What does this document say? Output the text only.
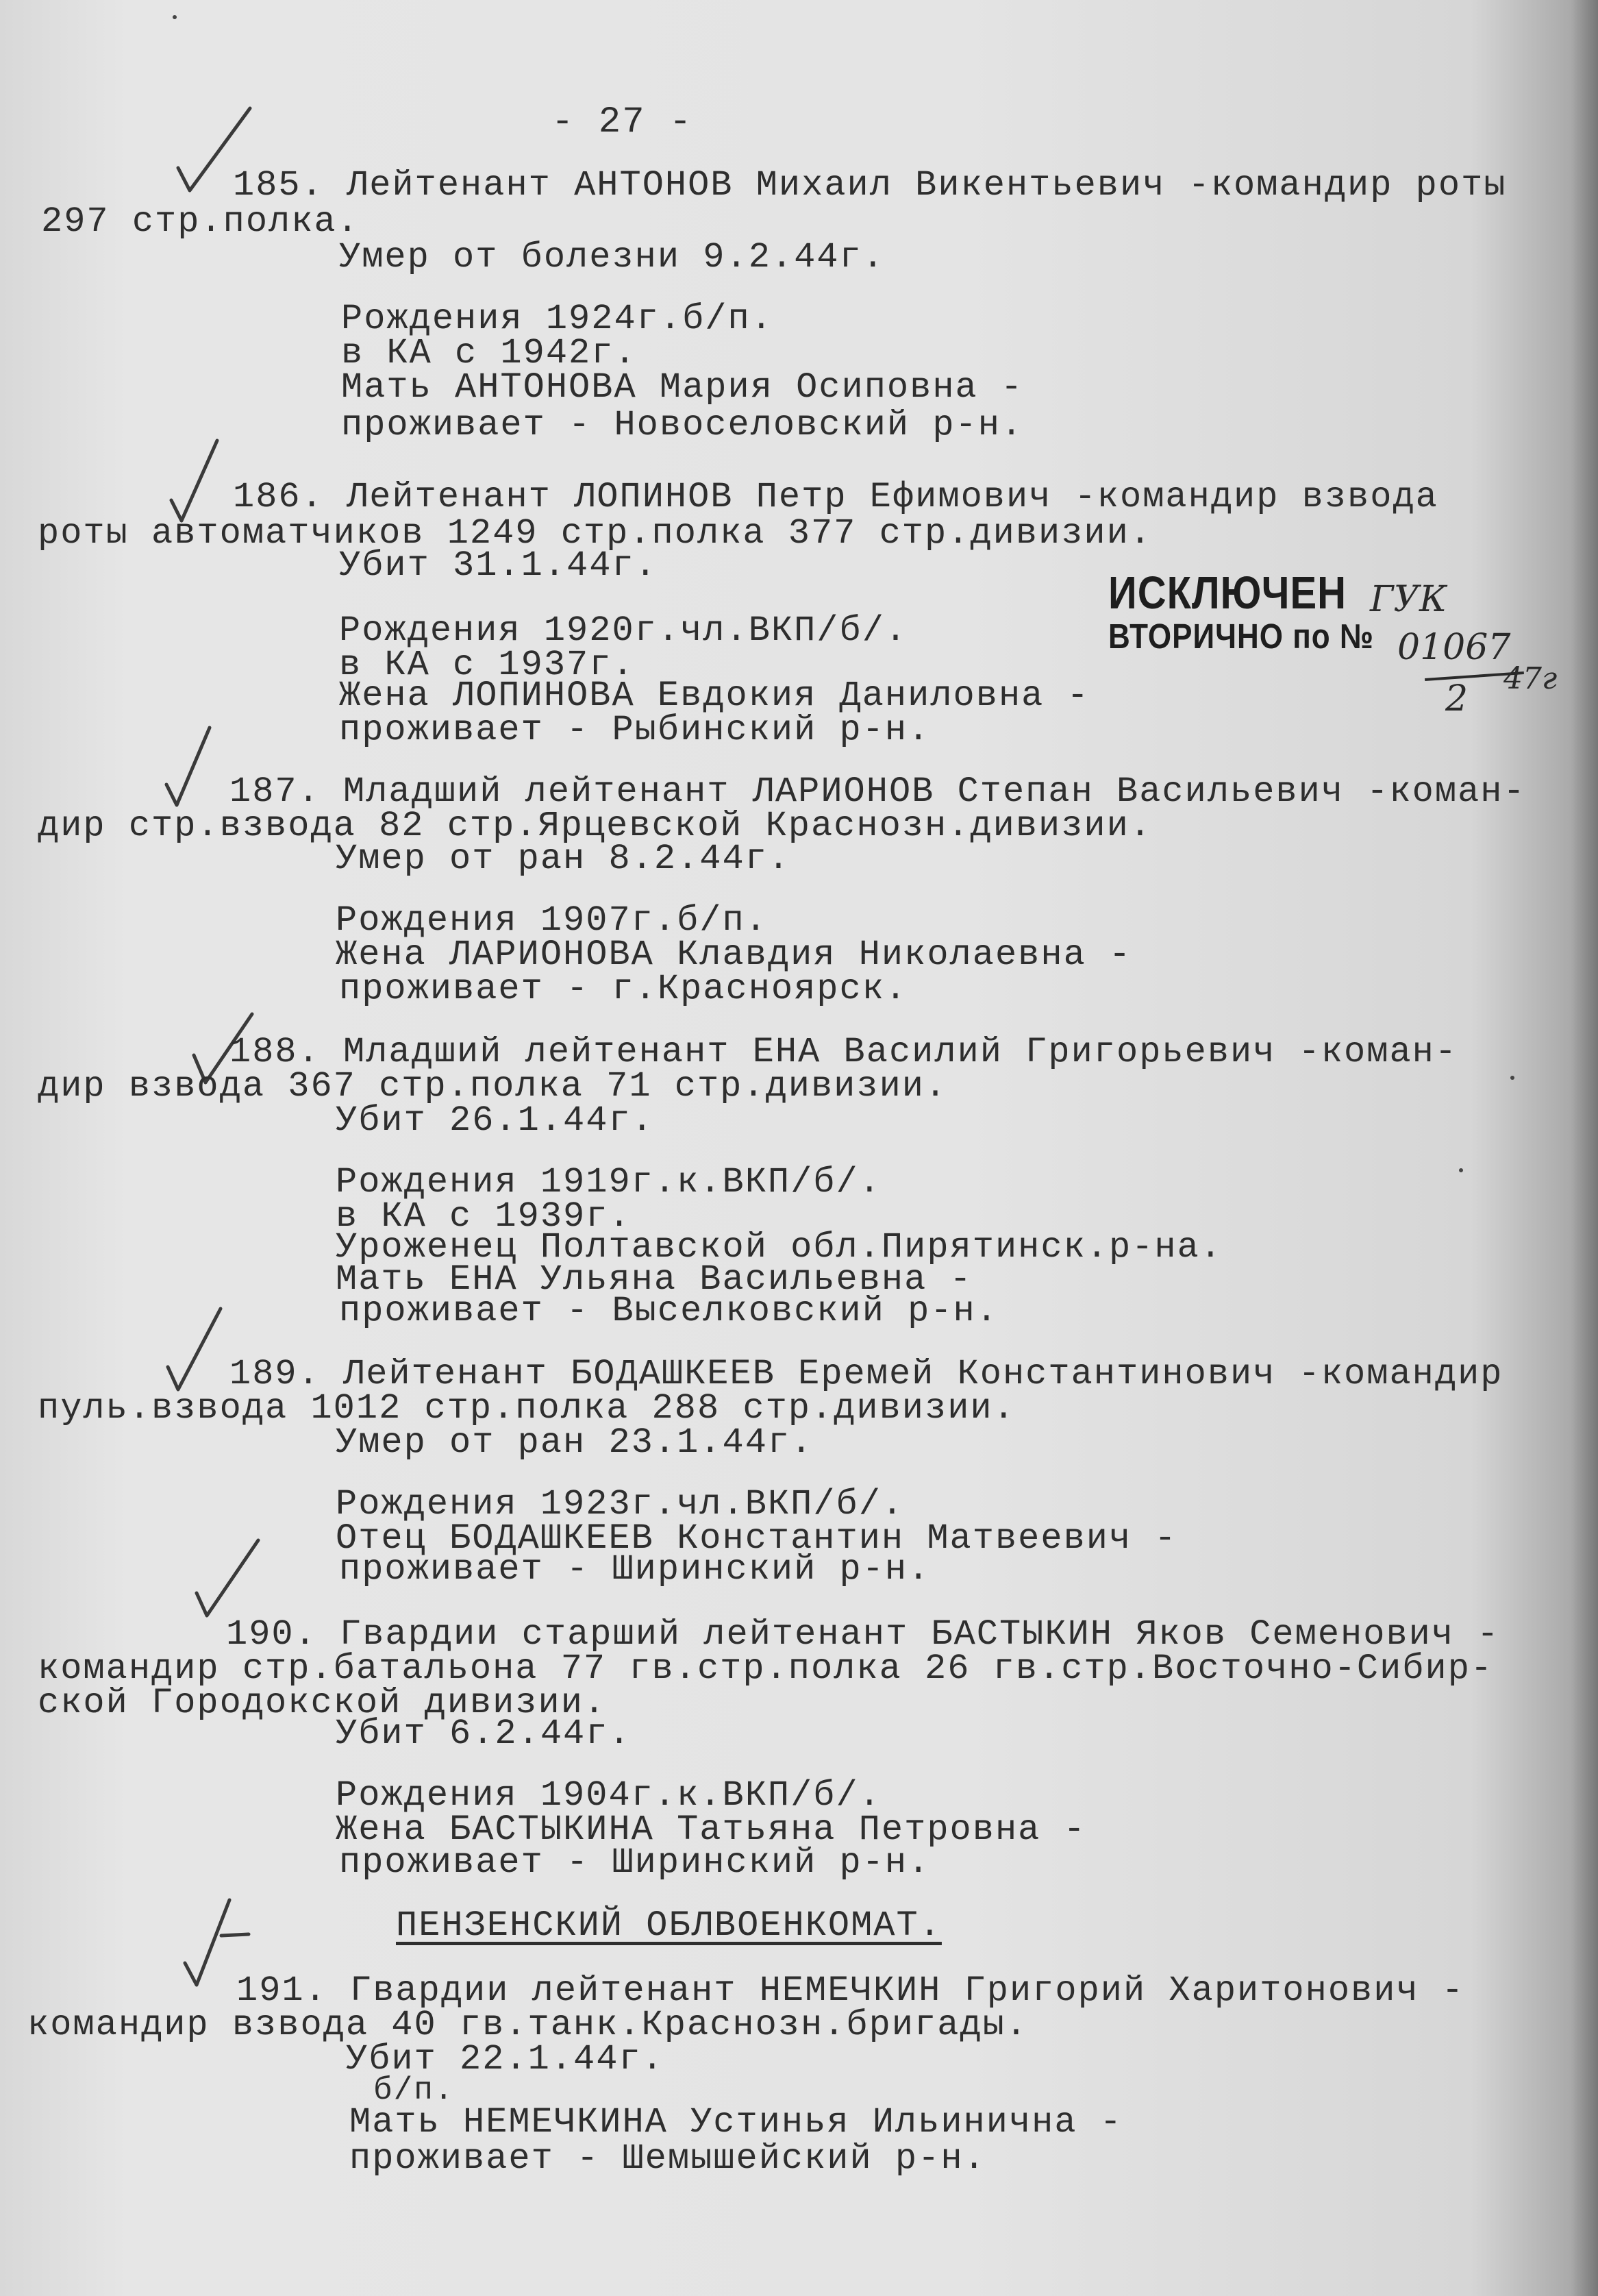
- 27 -
185. Лейтенант АНТОНОВ Михаил Викентьевич -командир роты
297 стр.полка.
Умер от болезни 9.2.44г.
Рождения 1924г.б/п.
в КА с 1942г.
Мать АНТОНОВА Мария Осиповна -
проживает - Новоселовский р-н.
186. Лейтенант ЛОПИНОВ Петр Ефимович -командир взвода
роты автоматчиков 1249 стр.полка 377 стр.дивизии.
Убит 31.1.44г.
Рождения 1920г.чл.ВКП/б/.
в КА с 1937г.
Жена ЛОПИНОВА Евдокия Даниловна -
проживает - Рыбинский р-н.
ИСКЛЮЧЕН
ВТОРИЧНО по №
ГУК
01067
2 47г
187. Младший лейтенант ЛАРИОНОВ Степан Васильевич -коман-
дир стр.взвода 82 стр.Ярцевской Краснозн.дивизии.
Умер от ран 8.2.44г.
Рождения 1907г.б/п.
Жена ЛАРИОНОВА Клавдия Николаевна -
проживает - г.Красноярск.
188. Младший лейтенант ЕНА Василий Григорьевич -коман-
дир взвода 367 стр.полка 71 стр.дивизии.
Убит 26.1.44г.
Рождения 1919г.к.ВКП/б/.
в КА с 1939г.
Уроженец Полтавской обл.Пирятинск.р-на.
Мать ЕНА Ульяна Васильевна -
проживает - Выселковский р-н.
189. Лейтенант БОДАШКЕЕВ Еремей Константинович -командир
пуль.взвода 1012 стр.полка 288 стр.дивизии.
Умер от ран 23.1.44г.
Рождения 1923г.чл.ВКП/б/.
Отец БОДАШКЕЕВ Константин Матвеевич -
проживает - Ширинский р-н.
190. Гвардии старший лейтенант БАСТЫКИН Яков Семенович -
командир стр.батальона 77 гв.стр.полка 26 гв.стр.Восточно-Сибир-
ской Городокской дивизии.
Убит 6.2.44г.
Рождения 1904г.к.ВКП/б/.
Жена БАСТЫКИНА Татьяна Петровна -
проживает - Ширинский р-н.
ПЕНЗЕНСКИЙ ОБЛВОЕНКОМАТ.
191. Гвардии лейтенант НЕМЕЧКИН Григорий Харитонович -
командир взвода 40 гв.танк.Краснозн.бригады.
Убит 22.1.44г.
б/п.
Мать НЕМЕЧКИНА Устинья Ильинична -
проживает - Шемышейский р-н.
